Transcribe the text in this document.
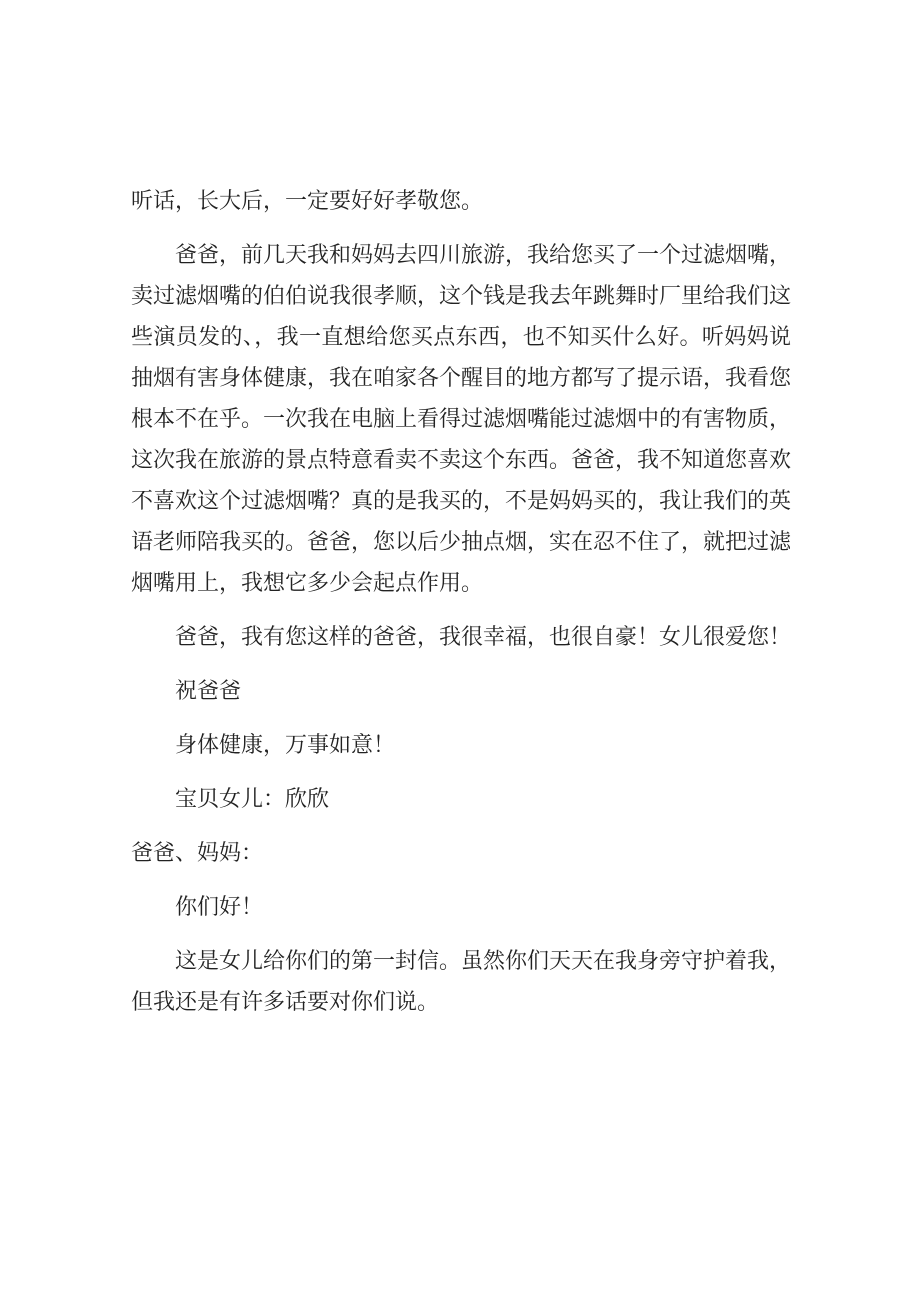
听话，长大后，一定要好好孝敬您。

爸爸，前几天我和妈妈去四川旅游，我给您买了一个过滤烟嘴，卖过滤烟嘴的伯伯说我很孝顺，这个钱是我去年跳舞时厂里给我们这些演员发的、，我一直想给您买点东西，也不知买什么好。听妈妈说抽烟有害身体健康，我在咱家各个醒目的地方都写了提示语，我看您根本不在乎。一次我在电脑上看得过滤烟嘴能过滤烟中的有害物质，这次我在旅游的景点特意看卖不卖这个东西。爸爸，我不知道您喜欢不喜欢这个过滤烟嘴？真的是我买的，不是妈妈买的，我让我们的英语老师陪我买的。爸爸，您以后少抽点烟，实在忍不住了，就把过滤烟嘴用上，我想它多少会起点作用。

爸爸，我有您这样的爸爸，我很幸福，也很自豪！女儿很爱您！

祝爸爸

身体健康，万事如意！

宝贝女儿：欣欣

爸爸、妈妈：

你们好！

这是女儿给你们的第一封信。虽然你们天天在我身旁守护着我，但我还是有许多话要对你们说。
